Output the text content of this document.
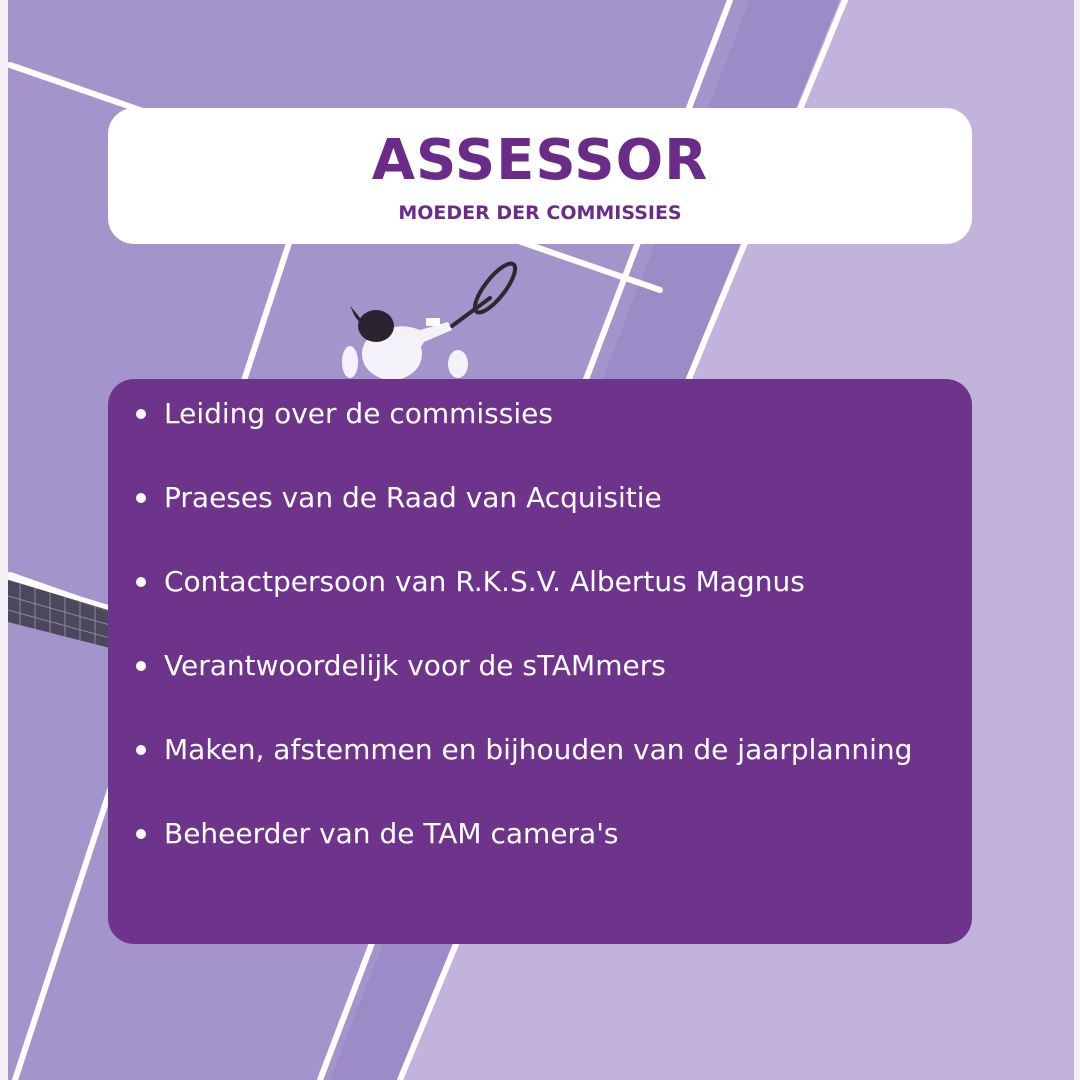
ASSESSOR
MOEDER DER COMMISSIES
Leiding over de commissies
Praeses van de Raad van Acquisitie
Contactpersoon van R.K.S.V. Albertus Magnus
Verantwoordelijk voor de sTAMmers
Maken, afstemmen en bijhouden van de jaarplanning
Beheerder van de TAM camera's
